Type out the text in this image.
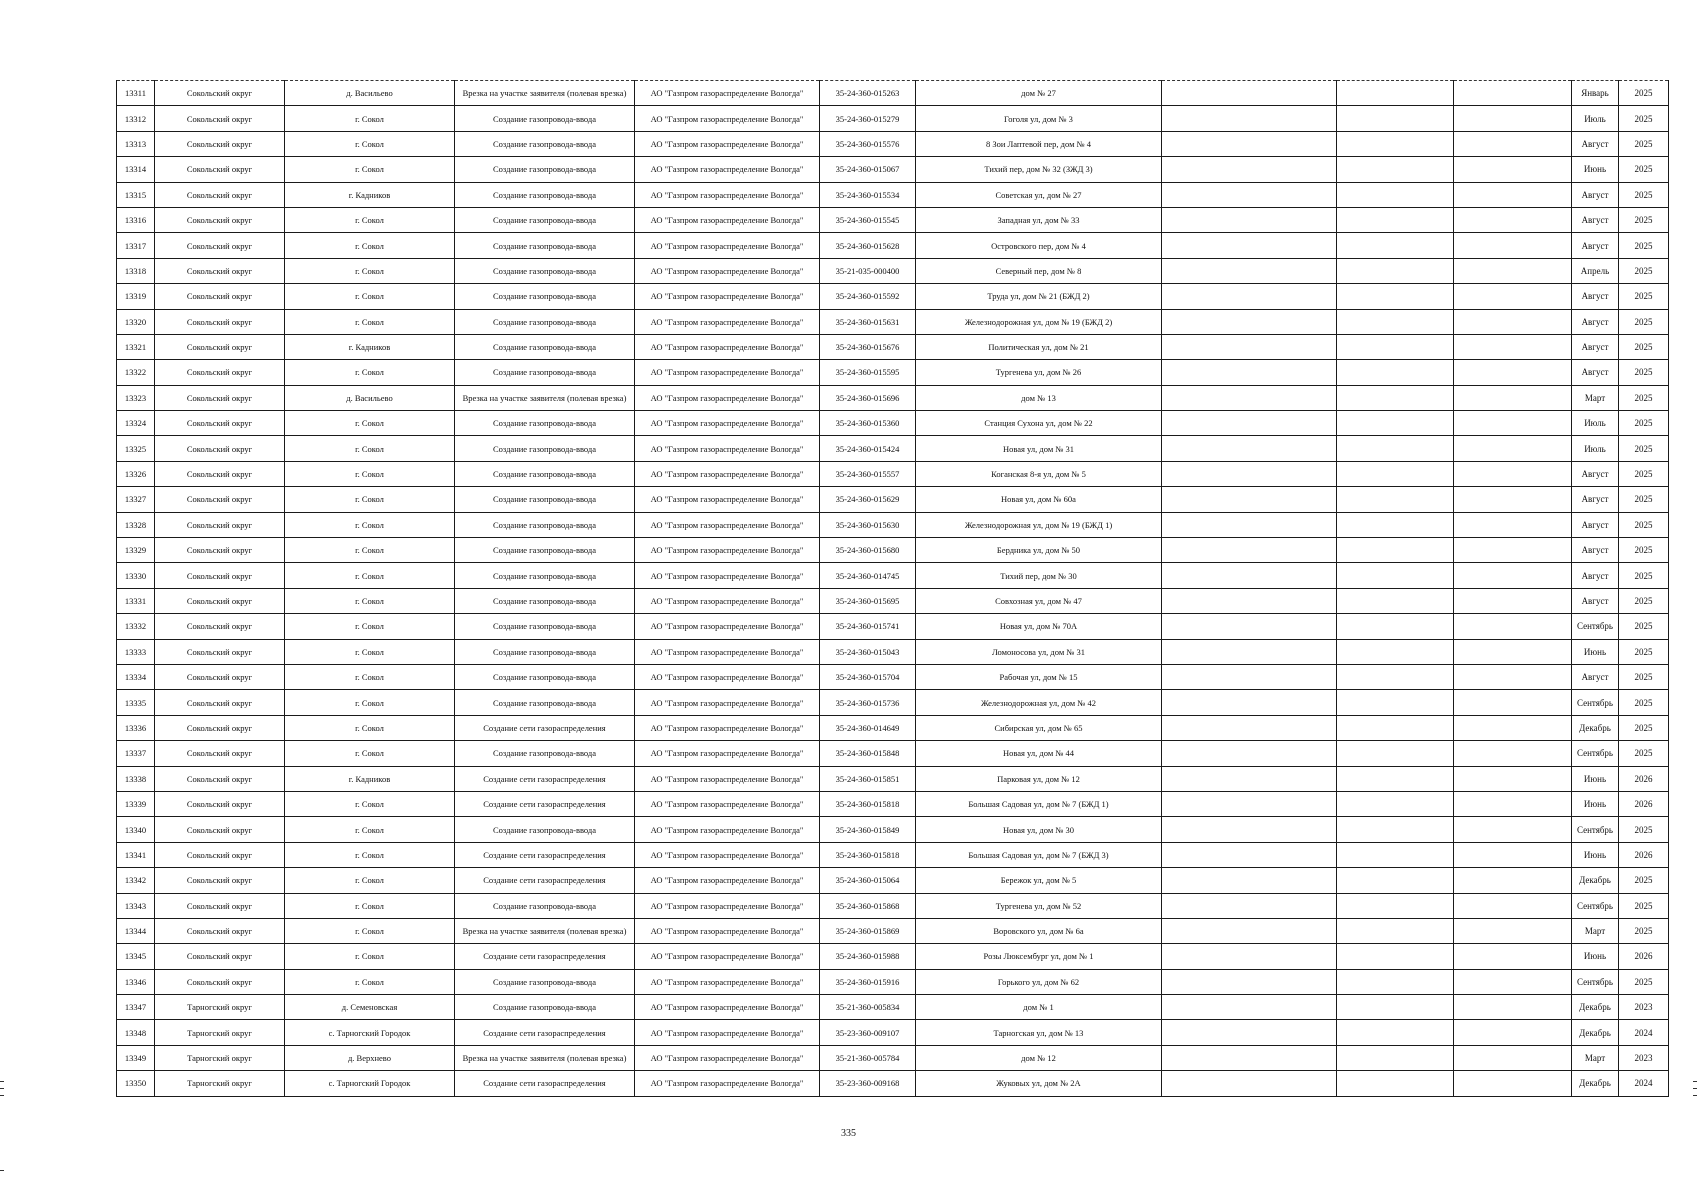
13311	Сокольский округ	д. Васильево	Врезка на участке заявителя (полевая врезка)	АО "Газпром газораспределение Вологда"	35-24-360-015263	дом № 27				Январь	2025
13312	Сокольский округ	г. Сокол	Создание газопровода-ввода	АО "Газпром газораспределение Вологда"	35-24-360-015279	Гоголя ул, дом № 3				Июль	2025
13313	Сокольский округ	г. Сокол	Создание газопровода-ввода	АО "Газпром газораспределение Вологда"	35-24-360-015576	8 Зои Лаптевой пер, дом № 4				Август	2025
13314	Сокольский округ	г. Сокол	Создание газопровода-ввода	АО "Газпром газораспределение Вологда"	35-24-360-015067	Тихий пер, дом № 32 (ЗЖД 3)				Июнь	2025
13315	Сокольский округ	г. Кадников	Создание газопровода-ввода	АО "Газпром газораспределение Вологда"	35-24-360-015534	Советская ул, дом № 27				Август	2025
13316	Сокольский округ	г. Сокол	Создание газопровода-ввода	АО "Газпром газораспределение Вологда"	35-24-360-015545	Западная ул, дом № 33				Август	2025
13317	Сокольский округ	г. Сокол	Создание газопровода-ввода	АО "Газпром газораспределение Вологда"	35-24-360-015628	Островского пер, дом № 4				Август	2025
13318	Сокольский округ	г. Сокол	Создание газопровода-ввода	АО "Газпром газораспределение Вологда"	35-21-035-000400	Северный пер, дом № 8				Апрель	2025
13319	Сокольский округ	г. Сокол	Создание газопровода-ввода	АО "Газпром газораспределение Вологда"	35-24-360-015592	Труда ул, дом № 21 (БЖД 2)				Август	2025
13320	Сокольский округ	г. Сокол	Создание газопровода-ввода	АО "Газпром газораспределение Вологда"	35-24-360-015631	Железнодорожная ул, дом № 19 (БЖД 2)				Август	2025
13321	Сокольский округ	г. Кадников	Создание газопровода-ввода	АО "Газпром газораспределение Вологда"	35-24-360-015676	Политическая ул, дом № 21				Август	2025
13322	Сокольский округ	г. Сокол	Создание газопровода-ввода	АО "Газпром газораспределение Вологда"	35-24-360-015595	Тургенева ул, дом № 26				Август	2025
13323	Сокольский округ	д. Васильево	Врезка на участке заявителя (полевая врезка)	АО "Газпром газораспределение Вологда"	35-24-360-015696	дом № 13				Март	2025
13324	Сокольский округ	г. Сокол	Создание газопровода-ввода	АО "Газпром газораспределение Вологда"	35-24-360-015360	Станция Сухона ул, дом № 22				Июль	2025
13325	Сокольский округ	г. Сокол	Создание газопровода-ввода	АО "Газпром газораспределение Вологда"	35-24-360-015424	Новая ул, дом № 31				Июль	2025
13326	Сокольский округ	г. Сокол	Создание газопровода-ввода	АО "Газпром газораспределение Вологда"	35-24-360-015557	Коганская 8-я ул, дом № 5				Август	2025
13327	Сокольский округ	г. Сокол	Создание газопровода-ввода	АО "Газпром газораспределение Вологда"	35-24-360-015629	Новая ул, дом № 60а				Август	2025
13328	Сокольский округ	г. Сокол	Создание газопровода-ввода	АО "Газпром газораспределение Вологда"	35-24-360-015630	Железнодорожная ул, дом № 19 (БЖД 1)				Август	2025
13329	Сокольский округ	г. Сокол	Создание газопровода-ввода	АО "Газпром газораспределение Вологда"	35-24-360-015680	Бердника ул, дом № 50				Август	2025
13330	Сокольский округ	г. Сокол	Создание газопровода-ввода	АО "Газпром газораспределение Вологда"	35-24-360-014745	Тихий пер, дом № 30				Август	2025
13331	Сокольский округ	г. Сокол	Создание газопровода-ввода	АО "Газпром газораспределение Вологда"	35-24-360-015695	Совхозная ул, дом № 47				Август	2025
13332	Сокольский округ	г. Сокол	Создание газопровода-ввода	АО "Газпром газораспределение Вологда"	35-24-360-015741	Новая ул, дом № 70А				Сентябрь	2025
13333	Сокольский округ	г. Сокол	Создание газопровода-ввода	АО "Газпром газораспределение Вологда"	35-24-360-015043	Ломоносова ул, дом № 31				Июнь	2025
13334	Сокольский округ	г. Сокол	Создание газопровода-ввода	АО "Газпром газораспределение Вологда"	35-24-360-015704	Рабочая ул, дом № 15				Август	2025
13335	Сокольский округ	г. Сокол	Создание газопровода-ввода	АО "Газпром газораспределение Вологда"	35-24-360-015736	Железнодорожная ул, дом № 42				Сентябрь	2025
13336	Сокольский округ	г. Сокол	Создание сети газораспределения	АО "Газпром газораспределение Вологда"	35-24-360-014649	Сибирская ул, дом № 65				Декабрь	2025
13337	Сокольский округ	г. Сокол	Создание газопровода-ввода	АО "Газпром газораспределение Вологда"	35-24-360-015848	Новая ул, дом № 44				Сентябрь	2025
13338	Сокольский округ	г. Кадников	Создание сети газораспределения	АО "Газпром газораспределение Вологда"	35-24-360-015851	Парковая ул, дом № 12				Июнь	2026
13339	Сокольский округ	г. Сокол	Создание сети газораспределения	АО "Газпром газораспределение Вологда"	35-24-360-015818	Большая Садовая ул, дом № 7 (БЖД 1)				Июнь	2026
13340	Сокольский округ	г. Сокол	Создание газопровода-ввода	АО "Газпром газораспределение Вологда"	35-24-360-015849	Новая ул, дом № 30				Сентябрь	2025
13341	Сокольский округ	г. Сокол	Создание сети газораспределения	АО "Газпром газораспределение Вологда"	35-24-360-015818	Большая Садовая ул, дом № 7 (БЖД 3)				Июнь	2026
13342	Сокольский округ	г. Сокол	Создание сети газораспределения	АО "Газпром газораспределение Вологда"	35-24-360-015064	Бережок ул, дом № 5				Декабрь	2025
13343	Сокольский округ	г. Сокол	Создание газопровода-ввода	АО "Газпром газораспределение Вологда"	35-24-360-015868	Тургенева ул, дом № 52				Сентябрь	2025
13344	Сокольский округ	г. Сокол	Врезка на участке заявителя (полевая врезка)	АО "Газпром газораспределение Вологда"	35-24-360-015869	Воровского ул, дом № 6а				Март	2025
13345	Сокольский округ	г. Сокол	Создание сети газораспределения	АО "Газпром газораспределение Вологда"	35-24-360-015988	Розы Люксембург ул, дом № 1				Июнь	2026
13346	Сокольский округ	г. Сокол	Создание газопровода-ввода	АО "Газпром газораспределение Вологда"	35-24-360-015916	Горького ул, дом № 62				Сентябрь	2025
13347	Тарногский округ	д. Семеновская	Создание газопровода-ввода	АО "Газпром газораспределение Вологда"	35-21-360-005834	дом № 1				Декабрь	2023
13348	Тарногский округ	с. Тарногский Городок	Создание сети газораспределения	АО "Газпром газораспределение Вологда"	35-23-360-009107	Тарногская ул, дом № 13				Декабрь	2024
13349	Тарногский округ	д. Верхнево	Врезка на участке заявителя (полевая врезка)	АО "Газпром газораспределение Вологда"	35-21-360-005784	дом № 12				Март	2023
13350	Тарногский округ	с. Тарногский Городок	Создание сети газораспределения	АО "Газпром газораспределение Вологда"	35-23-360-009168	Жуковых ул, дом № 2А				Декабрь	2024
335
